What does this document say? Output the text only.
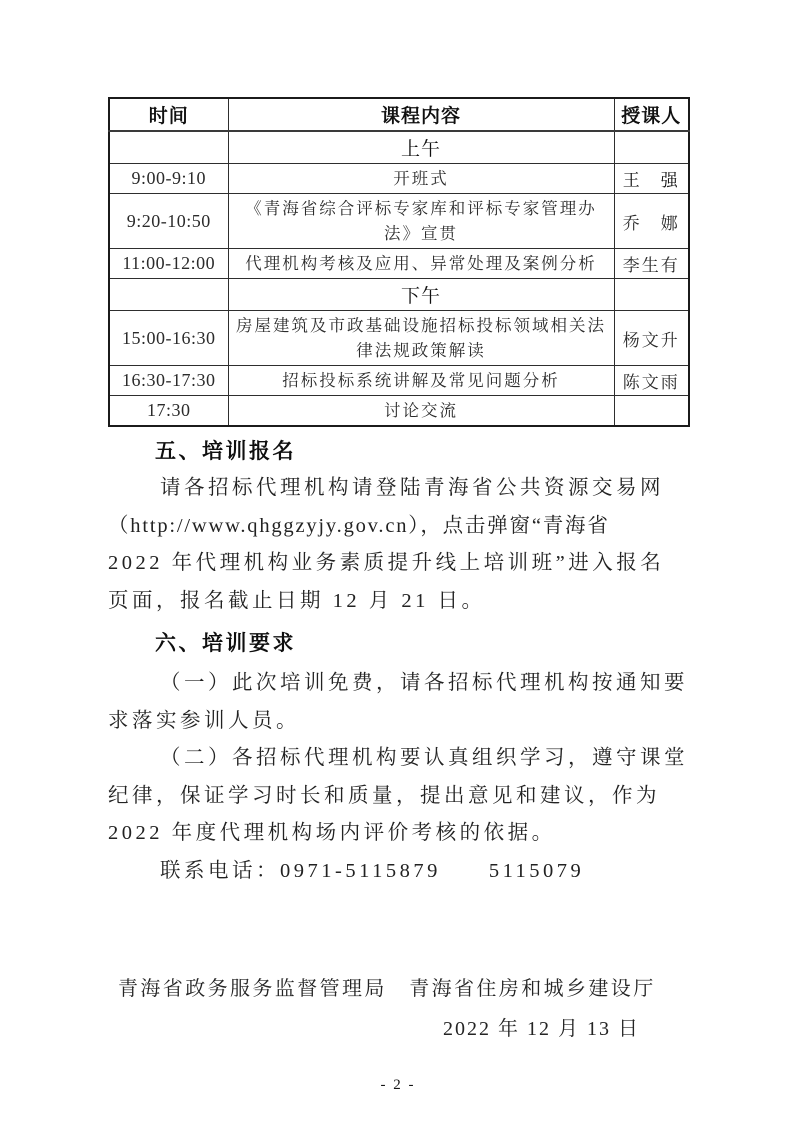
时间	课程内容	授课人
	上午	
9:00-9:10	开班式	王　强
9:20-10:50	《青海省综合评标专家库和评标专家管理办法》宣贯	乔　娜
11:00-12:00	代理机构考核及应用、异常处理及案例分析	李生有
	下午	
15:00-16:30	房屋建筑及市政基础设施招标投标领域相关法律法规政策解读	杨文升
16:30-17:30	招标投标系统讲解及常见问题分析	陈文雨
17:30	讨论交流	
五、培训报名
请各招标代理机构请登陆青海省公共资源交易网
（http://www.qhggzyjy.gov.cn），点击弹窗“青海省
2022 年代理机构业务素质提升线上培训班”进入报名
页面，报名截止日期 12 月 21 日。
六、培训要求
（一）此次培训免费，请各招标代理机构按通知要
求落实参训人员。
（二）各招标代理机构要认真组织学习，遵守课堂
纪律，保证学习时长和质量，提出意见和建议，作为
2022 年度代理机构场内评价考核的依据。
联系电话：0971-5115879　　5115079
青海省政务服务监督管理局　青海省住房和城乡建设厅
2022 年 12 月 13 日
- 2 -
